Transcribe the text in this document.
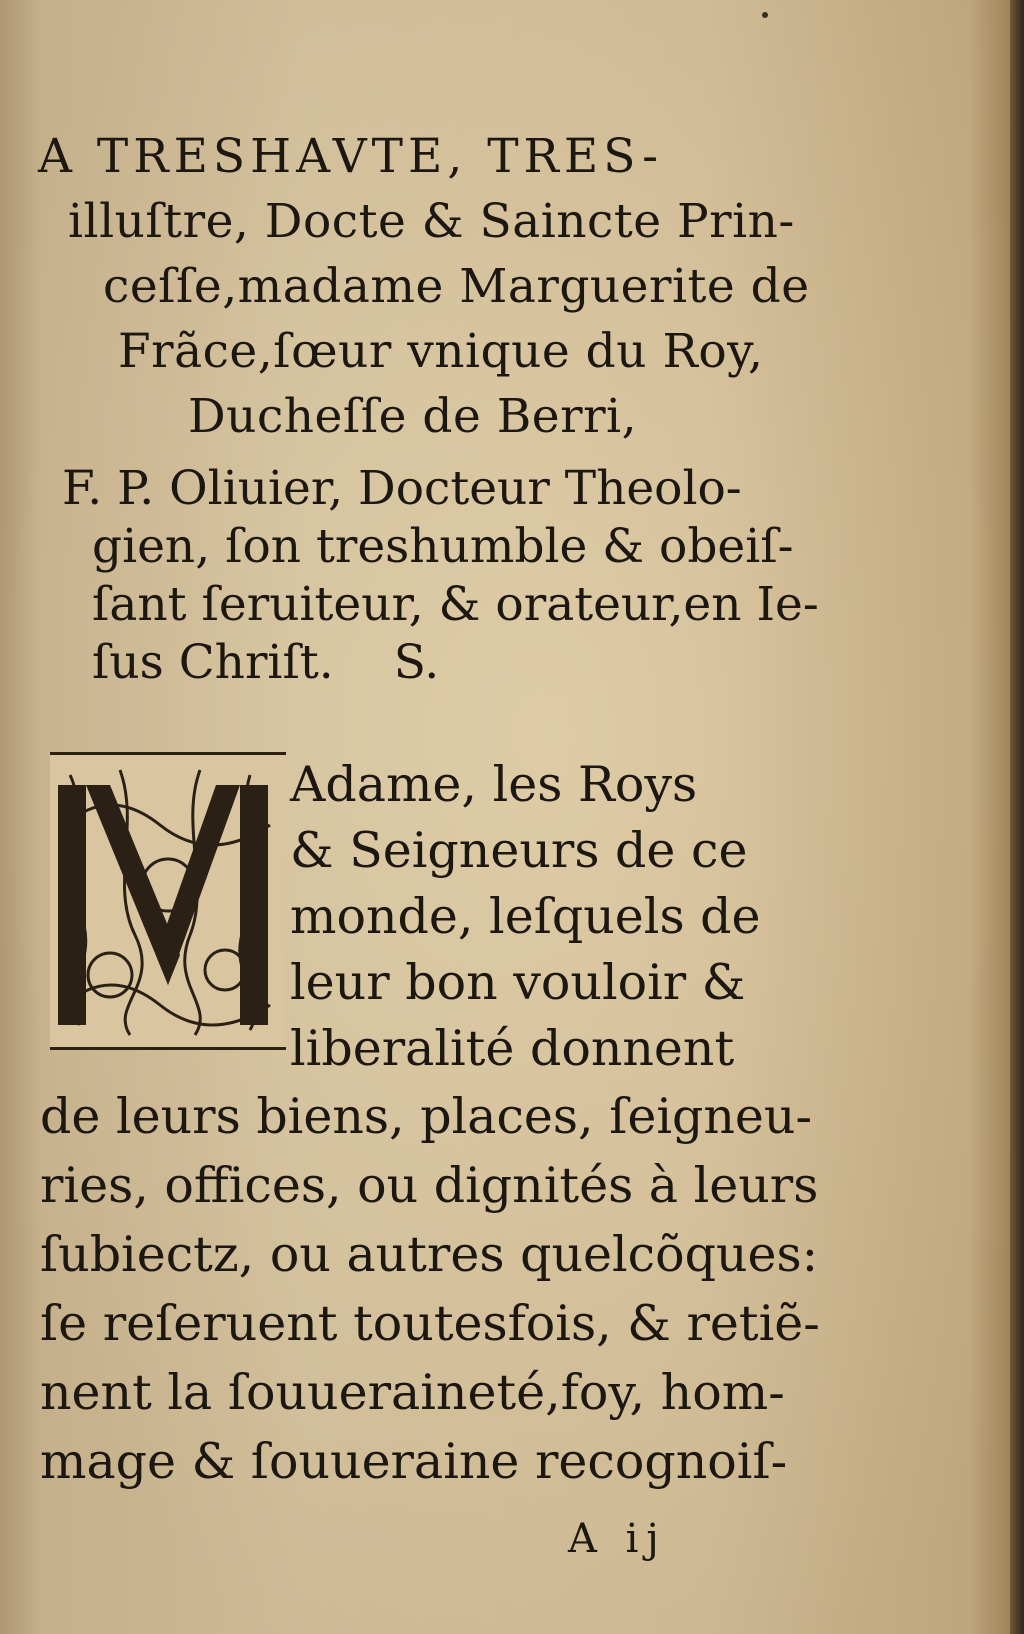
A TRESHAVTE, TRES-
illuſtre, Docte & Saincte Prin-
ceſſe,madame Marguerite de
Frãce,ſœur vnique du Roy,
Ducheſſe de Berri,
F. P. Oliuier, Docteur Theolo-
gien, ſon treshumble & obeiſ-
ſant ſeruiteur, & orateur,en Ie-
ſus Chriſt. S.
Adame, les Roys
& Seigneurs de ce
monde, leſquels de
leur bon vouloir &
liberalité donnent
de leurs biens, places, ſeigneu-
ries, offices, ou dignités à leurs
ſubiectz, ou autres quelcõques:
ſe reſeruent toutesfois, & retiẽ-
nent la ſouueraineté,foy, hom-
mage & ſouueraine recognoiſ-
A ij
